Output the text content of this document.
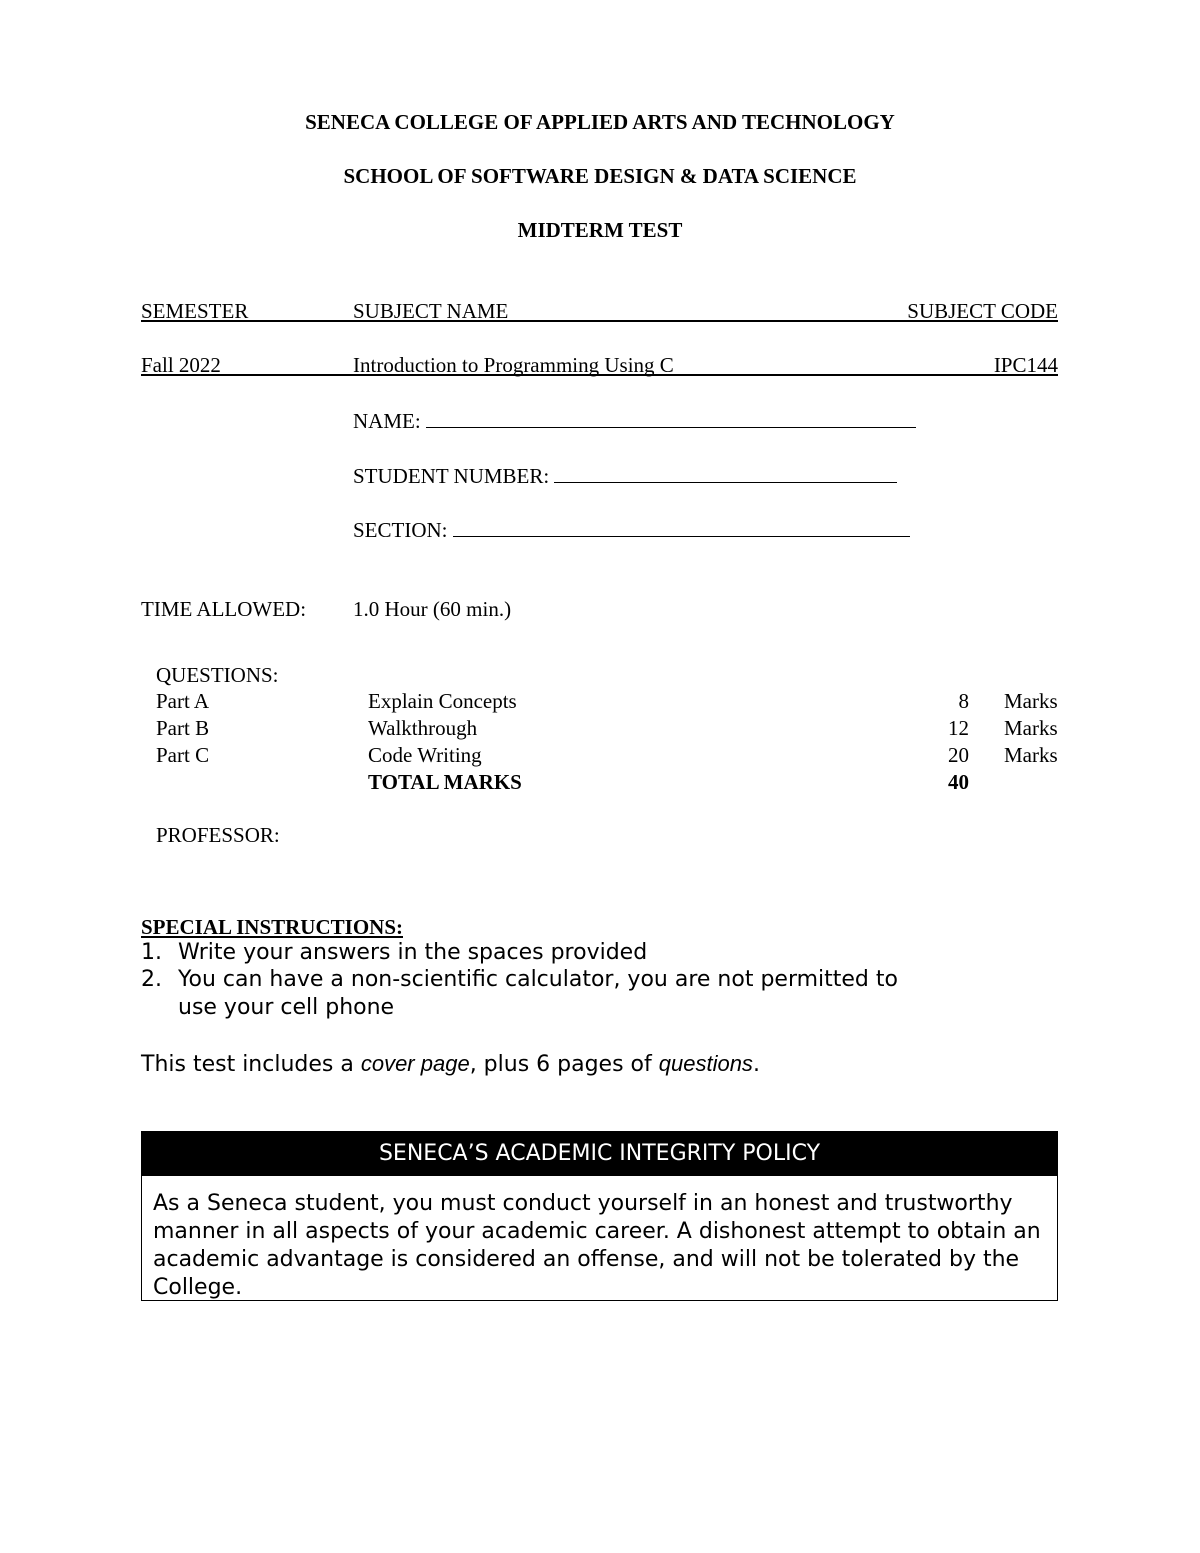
SENECA COLLEGE OF APPLIED ARTS AND TECHNOLOGY
SCHOOL OF SOFTWARE DESIGN & DATA SCIENCE
MIDTERM TEST
SEMESTER	SUBJECT NAME	SUBJECT CODE
Fall 2022	Introduction to Programming Using C	IPC144
NAME:
STUDENT NUMBER:
SECTION:
TIME ALLOWED: 1.0 Hour (60 min.)
QUESTIONS:
Part A	Explain Concepts	8 Marks
Part B	Walkthrough	12 Marks
Part C	Code Writing	20 Marks
TOTAL MARKS	40
PROFESSOR:
SPECIAL INSTRUCTIONS:
1. Write your answers in the spaces provided
2. You can have a non-scientific calculator, you are not permitted to
use your cell phone
This test includes a cover page, plus 6 pages of questions.
SENECA’S ACADEMIC INTEGRITY POLICY
As a Seneca student, you must conduct yourself in an honest and trustworthy manner in all aspects of your academic career. A dishonest attempt to obtain an academic advantage is considered an offense, and will not be tolerated by the College.
